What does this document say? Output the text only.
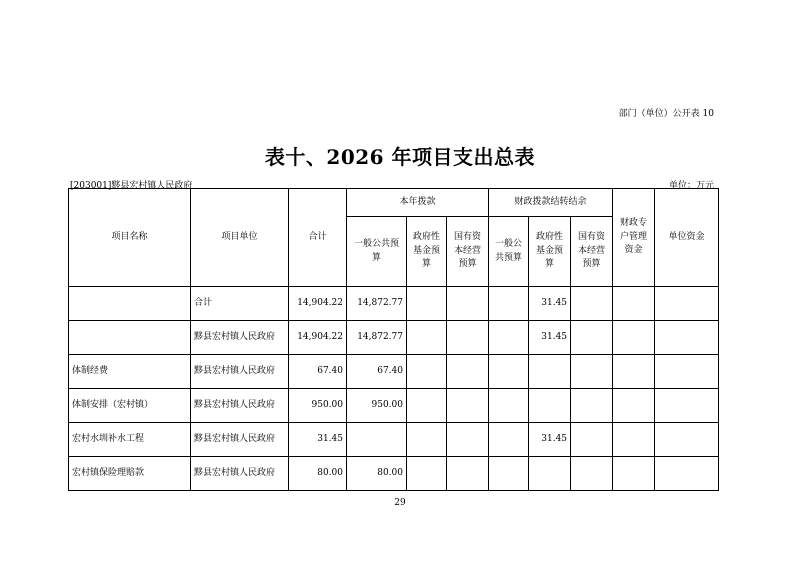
部门（单位）公开表 10
表十、2026 年项目支出总表
[203001]黟县宏村镇人民政府	单位：万元
项目名称	项目单位	合计	本年拨款			财政拨款结转结余			财政专户管理资金	单位资金
			一般公共预算	政府性基金预算	国有资本经营预算	一般公共预算	政府性基金预算	国有资本经营预算		
	合计	14,904.22	14,872.77				31.45			
	黟县宏村镇人民政府	14,904.22	14,872.77				31.45			
体制经费	黟县宏村镇人民政府	67.40	67.40							
体制安排（宏村镇）	黟县宏村镇人民政府	950.00	950.00							
宏村水圳补水工程	黟县宏村镇人民政府	31.45					31.45			
宏村镇保险理赔款	黟县宏村镇人民政府	80.00	80.00							
29
